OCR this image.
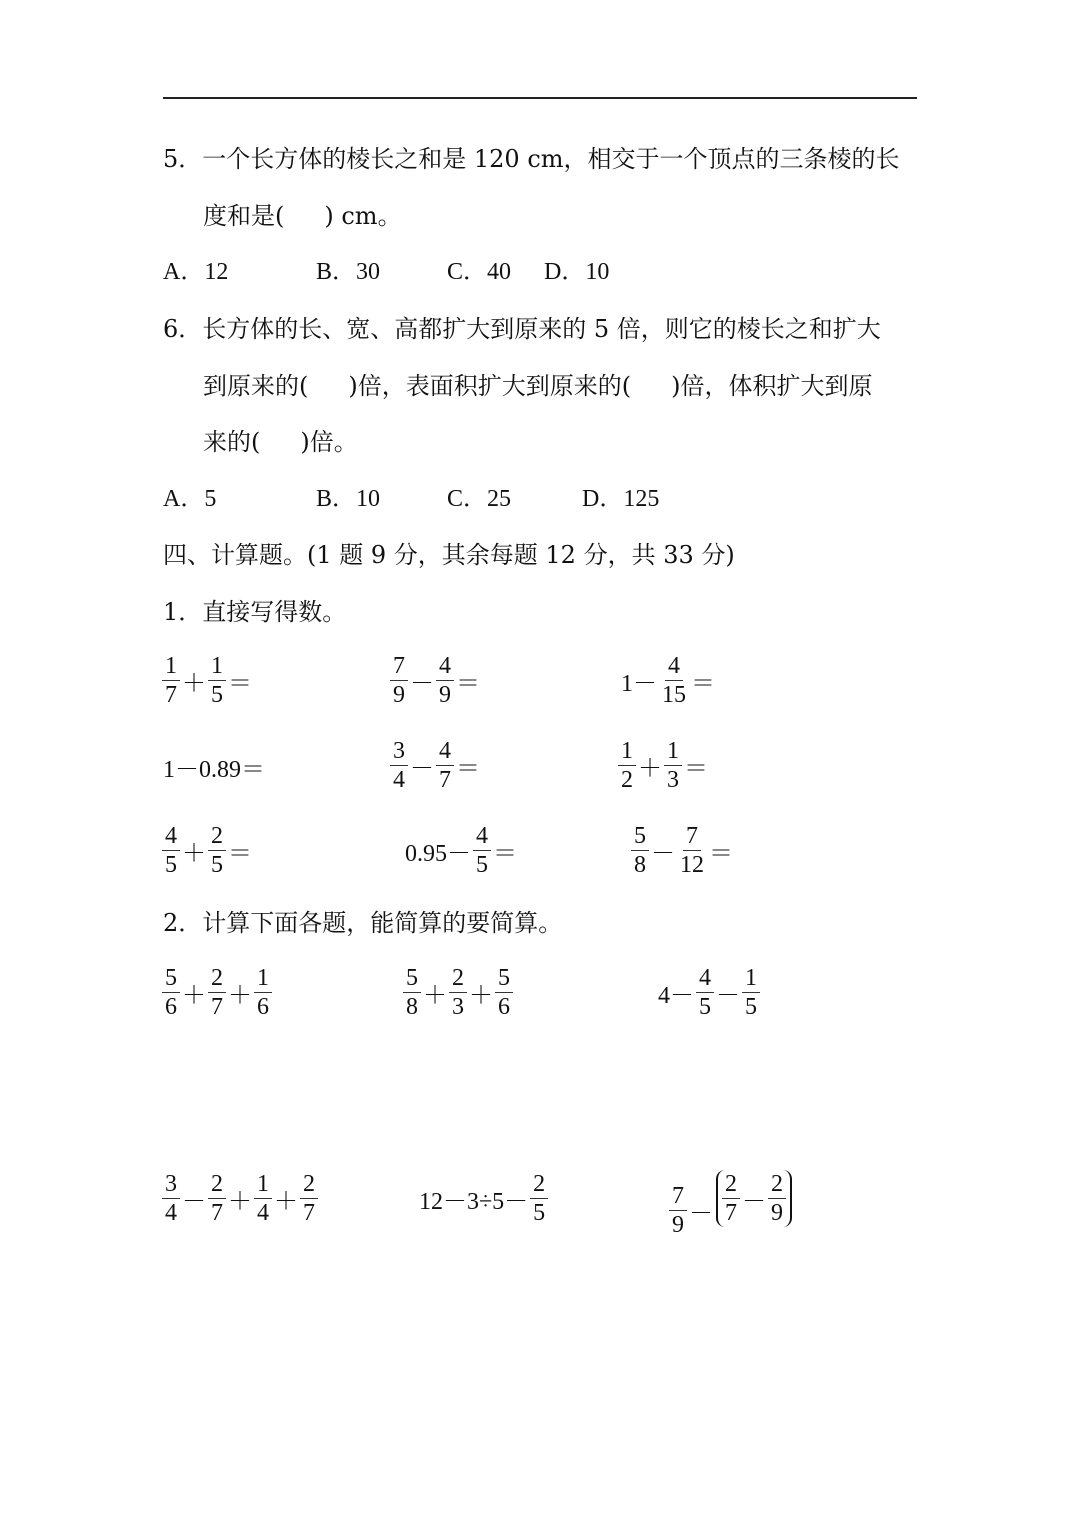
5．一个长方体的棱长之和是 120 cm，相交于一个顶点的三条棱的长
度和是( ) cm。
A．12	B．30	C．40 D．10
6．长方体的长、宽、高都扩大到原来的 5 倍，则它的棱长之和扩大
到原来的( )倍，表面积扩大到原来的( )倍，体积扩大到原
来的( )倍。
A．5	B．10	C．25	D．125
四、计算题。(1 题 9 分，其余每题 12 分，共 33 分)
1．直接写得数。
$\frac{1}{7} + \frac{1}{5}$ ＝	$\frac{7}{9} - \frac{4}{9}$ ＝	$1- \frac{4}{15}$ ＝
1－0.89＝	$\frac{3}{4} - \frac{4}{7}$ ＝	$\frac{1}{2} + \frac{1}{3}$ ＝
$\frac{4}{5} + \frac{2}{5}$ ＝	$0.95- \frac{4}{5}$ ＝	$\frac{5}{8} - \frac{7}{12}$ ＝
2．计算下面各题，能简算的要简算。
$\frac{5}{6} + \frac{2}{7} + \frac{1}{6}$	$\frac{5}{8} + \frac{2}{3} + \frac{5}{6}$	$4- \frac{4}{5} - \frac{1}{5}$
$\frac{3}{4} - \frac{2}{7} + \frac{1}{4} + \frac{2}{7}$	$12-3\div 5- \frac{2}{5}$	$\frac{7}{9} - \frac{2}{7} - \frac{2}{9}$
